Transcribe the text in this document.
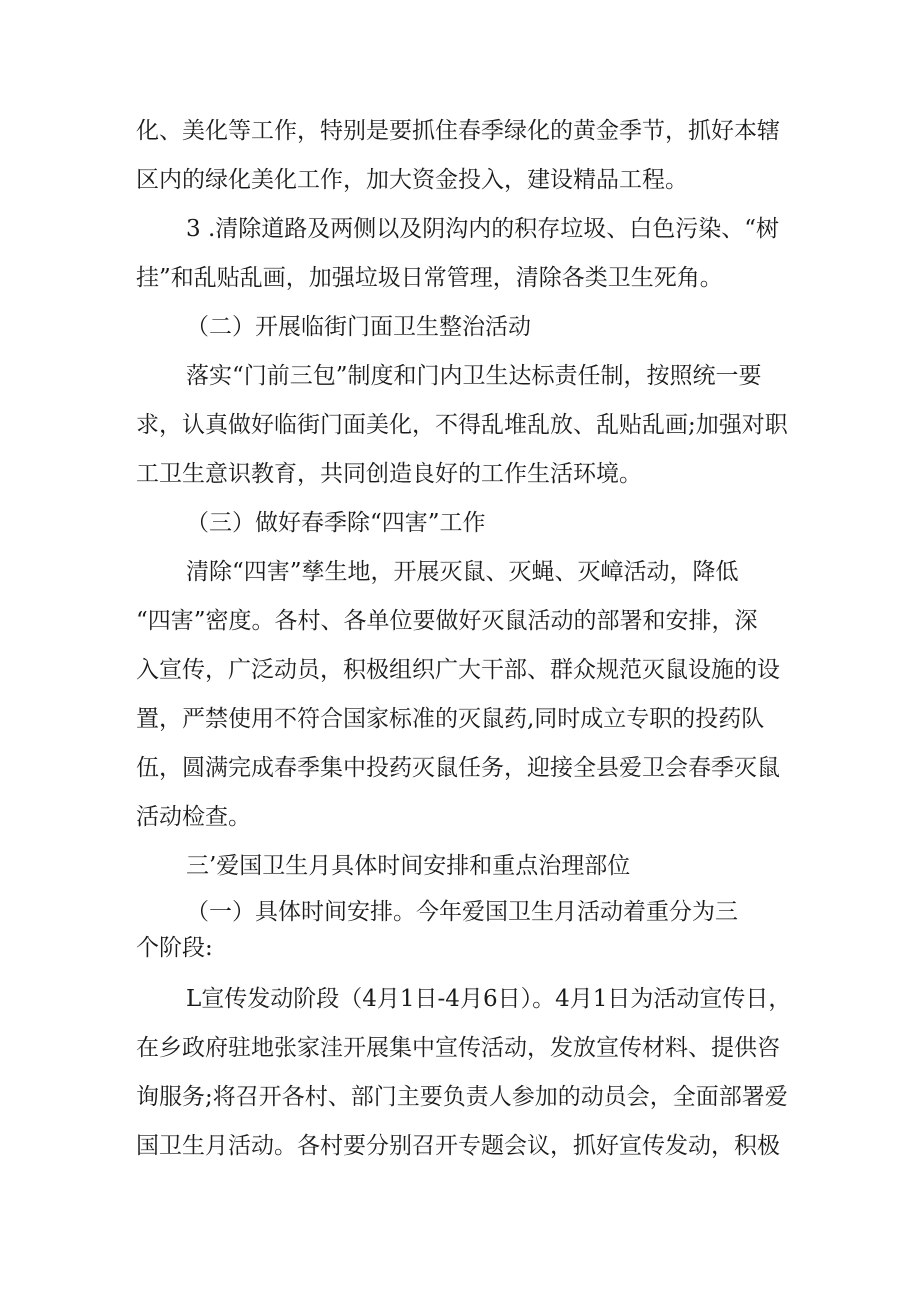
化、美化等工作，特别是要抓住春季绿化的黄金季节，抓好本辖
区内的绿化美化工作，加大资金投入，建设精品工程。
3 .清除道路及两侧以及阴沟内的积存垃圾、白色污染、“树
挂”和乱贴乱画，加强垃圾日常管理，清除各类卫生死角。
（二）开展临街门面卫生整治活动
落实“门前三包”制度和门内卫生达标责任制，按照统一要
求，认真做好临街门面美化，不得乱堆乱放、乱贴乱画;加强对职
工卫生意识教育，共同创造良好的工作生活环境。
（三）做好春季除“四害”工作
清除“四害”孳生地，开展灭鼠、灭蝇、灭嶂活动，降低
“四害”密度。各村、各单位要做好灭鼠活动的部署和安排，深
入宣传，广泛动员，积极组织广大干部、群众规范灭鼠设施的设
置，严禁使用不符合国家标准的灭鼠药,同时成立专职的投药队
伍，圆满完成春季集中投药灭鼠任务，迎接全县爱卫会春季灭鼠
活动检查。
三’爱国卫生月具体时间安排和重点治理部位
（一）具体时间安排。今年爱国卫生月活动着重分为三
个阶段:
L宣传发动阶段（4月1日-4月6日）。4月1日为活动宣传日，
在乡政府驻地张家洼开展集中宣传活动，发放宣传材料、提供咨
询服务;将召开各村、部门主要负责人参加的动员会，全面部署爱
国卫生月活动。各村要分别召开专题会议，抓好宣传发动，积极
